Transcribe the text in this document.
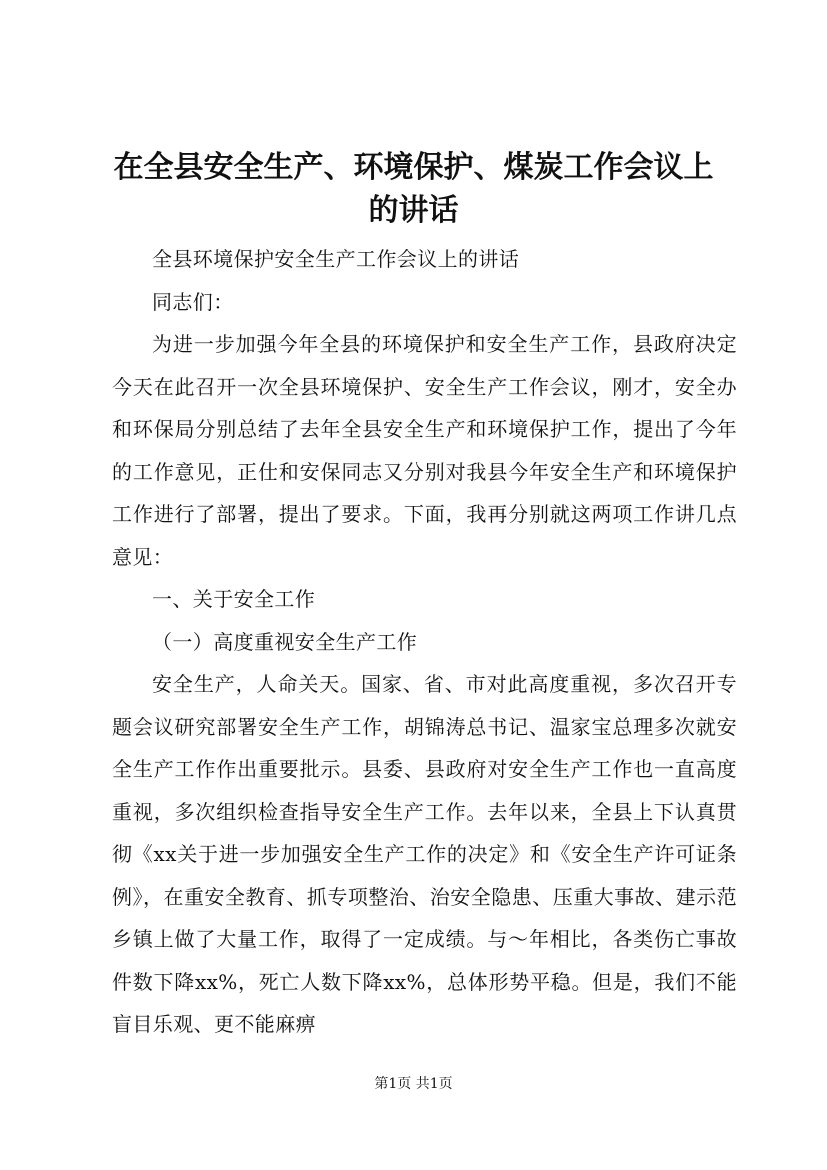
在全县安全生产、环境保护、煤炭工作会议上
的讲话

全县环境保护安全生产工作会议上的讲话

同志们：

为进一步加强今年全县的环境保护和安全生产工作，县政府决定今天在此召开一次全县环境保护、安全生产工作会议，刚才，安全办和环保局分别总结了去年全县安全生产和环境保护工作，提出了今年的工作意见，正仕和安保同志又分别对我县今年安全生产和环境保护工作进行了部署，提出了要求。下面，我再分别就这两项工作讲几点意见：

一、关于安全工作

（一）高度重视安全生产工作

安全生产，人命关天。国家、省、市对此高度重视，多次召开专题会议研究部署安全生产工作，胡锦涛总书记、温家宝总理多次就安全生产工作作出重要批示。县委、县政府对安全生产工作也一直高度重视，多次组织检查指导安全生产工作。去年以来，全县上下认真贯彻《xx关于进一步加强安全生产工作的决定》和《安全生产许可证条例》，在重安全教育、抓专项整治、治安全隐患、压重大事故、建示范乡镇上做了大量工作，取得了一定成绩。与～年相比，各类伤亡事故件数下降xx%，死亡人数下降xx%，总体形势平稳。但是，我们不能盲目乐观、更不能麻痹

第1页 共1页
